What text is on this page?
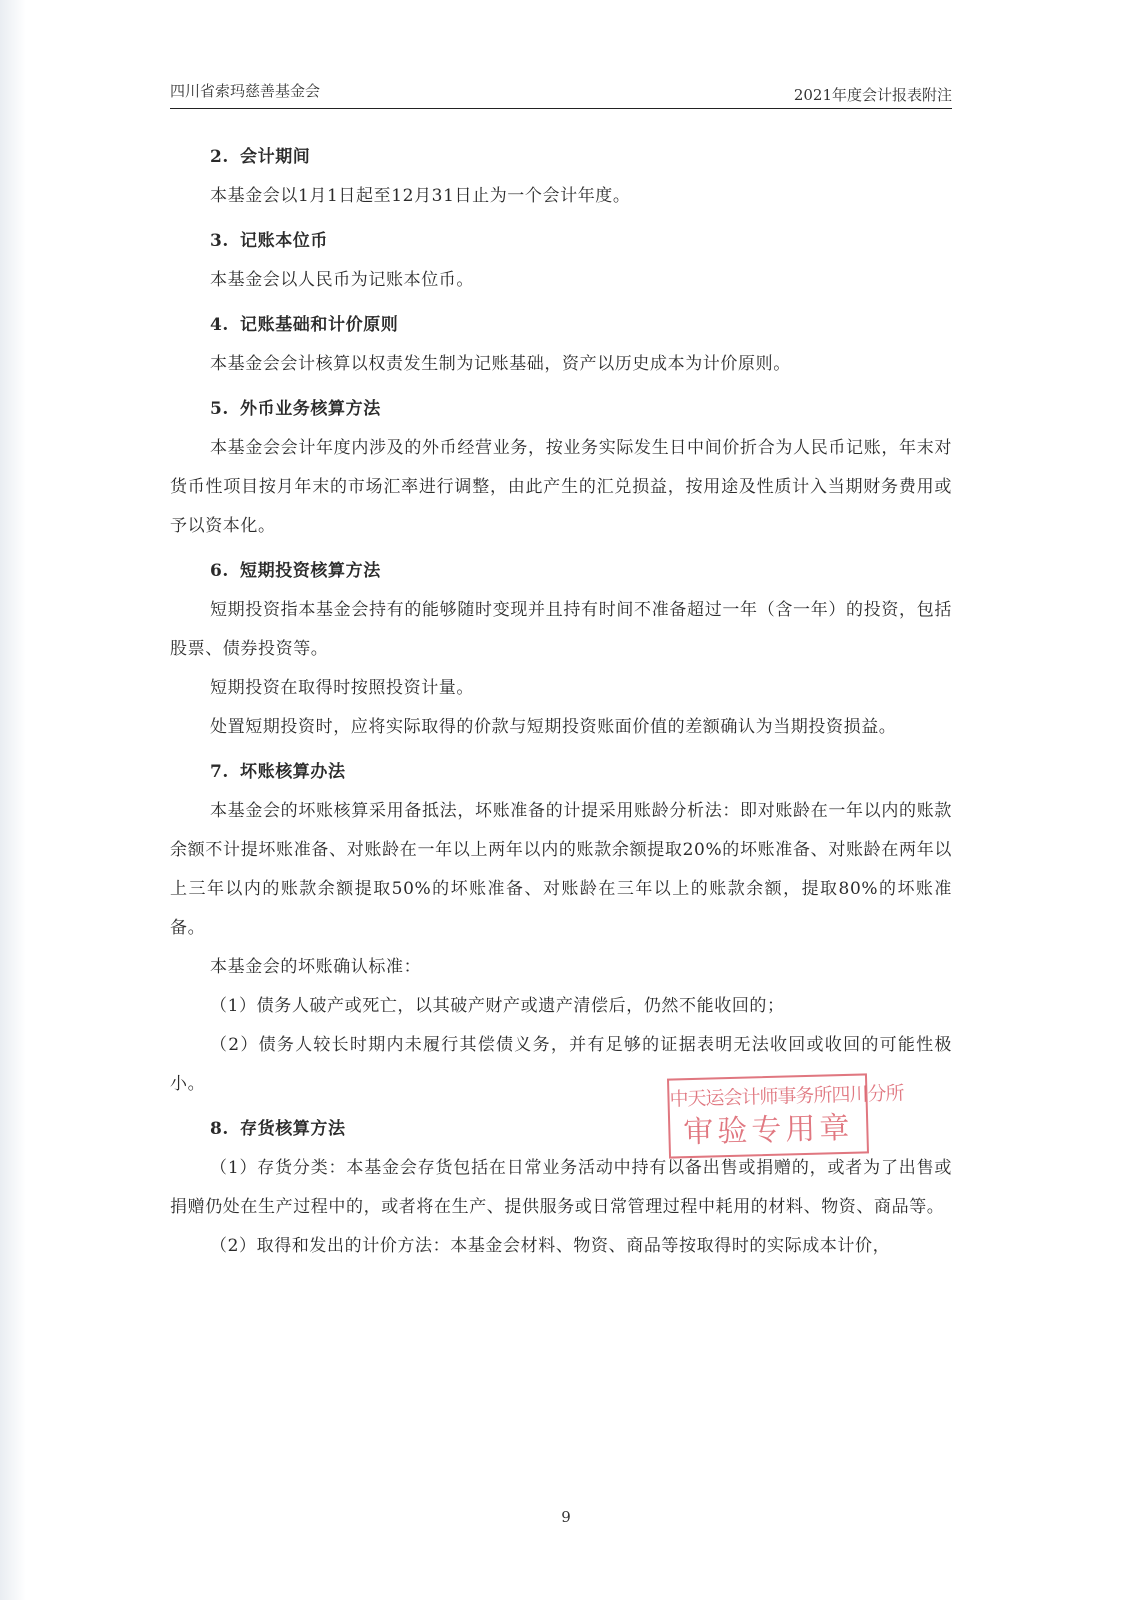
四川省索玛慈善基金会	2021年度会计报表附注

2. 会计期间

本基金会以1月1日起至12月31日止为一个会计年度。

3. 记账本位币

本基金会以人民币为记账本位币。

4. 记账基础和计价原则

本基金会会计核算以权责发生制为记账基础，资产以历史成本为计价原则。

5. 外币业务核算方法

本基金会会计年度内涉及的外币经营业务，按业务实际发生日中间价折合为人民币记账，年末对货币性项目按月年末的市场汇率进行调整，由此产生的汇兑损益，按用途及性质计入当期财务费用或予以资本化。

6. 短期投资核算方法

短期投资指本基金会持有的能够随时变现并且持有时间不准备超过一年（含一年）的投资，包括股票、债券投资等。

短期投资在取得时按照投资计量。

处置短期投资时，应将实际取得的价款与短期投资账面价值的差额确认为当期投资损益。

7. 坏账核算办法

本基金会的坏账核算采用备抵法，坏账准备的计提采用账龄分析法：即对账龄在一年以内的账款余额不计提坏账准备、对账龄在一年以上两年以内的账款余额提取20%的坏账准备、对账龄在两年以上三年以内的账款余额提取50%的坏账准备、对账龄在三年以上的账款余额，提取80%的坏账准备。

本基金会的坏账确认标准：

（1）债务人破产或死亡，以其破产财产或遗产清偿后，仍然不能收回的；

（2）债务人较长时期内未履行其偿债义务，并有足够的证据表明无法收回或收回的可能性极小。

8. 存货核算方法

（1）存货分类：本基金会存货包括在日常业务活动中持有以备出售或捐赠的，或者为了出售或捐赠仍处在生产过程中的，或者将在生产、提供服务或日常管理过程中耗用的材料、物资、商品等。

（2）取得和发出的计价方法：本基金会材料、物资、商品等按取得时的实际成本计价，

中天运会计师事务所四川分所
审验专用章
9
